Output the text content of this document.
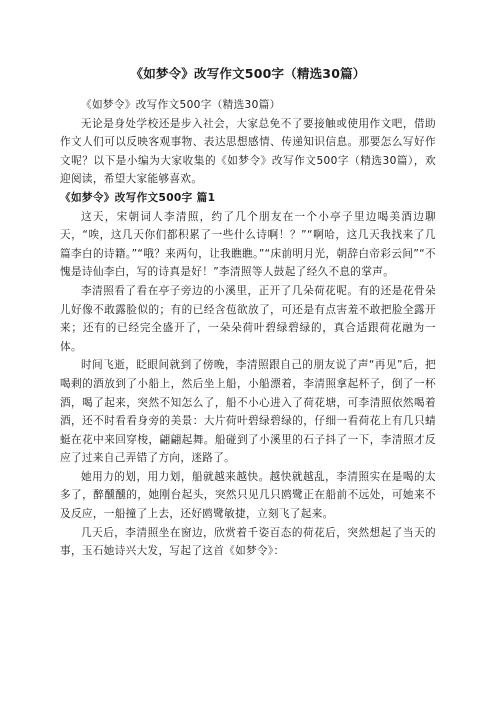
《如梦令》改写作文500字（精选30篇）

《如梦令》改写作文500字（精选30篇）

无论是身处学校还是步入社会，大家总免不了要接触或使用作文吧，借助作文人们可以反映客观事物、表达思想感情、传递知识信息。那要怎么写好作文呢？以下是小编为大家收集的《如梦令》改写作文500字（精选30篇），欢迎阅读，希望大家能够喜欢。

《如梦令》改写作文500字 篇1

这天，宋朝词人李清照，约了几个朋友在一个小亭子里边喝美酒边聊天，“唉，这几天你们都积累了一些什么诗啊！？”“啊哈，这几天我找来了几篇李白的诗籍。”“哦？来两句，让我瞧瞧。”“床前明月光，朝辞白帝彩云间”“不愧是诗仙李白，写的诗真是好！”李清照等人鼓起了经久不息的掌声。

李清照看了看在亭子旁边的小溪里，正开了几朵荷花呢。有的还是花骨朵儿好像不敢露脸似的；有的已经含苞欲放了，可还是有点害羞不敢把脸全露开来；还有的已经完全盛开了，一朵朵荷叶碧绿碧绿的，真合适跟荷花融为一体。

时间飞逝，眨眼间就到了傍晚，李清照跟自己的朋友说了声“再见”后，把喝剩的酒放到了小船上，然后坐上船，小船漂着，李清照拿起杯子，倒了一杯酒，喝了起来，突然不知怎么了，船不小心进入了荷花塘，可李清照依然喝着酒，还不时看看身旁的美景：大片荷叶碧绿碧绿的，仔细一看荷花上有几只蜻蜓在花中来回穿梭，翩翩起舞。船碰到了小溪里的石子抖了一下，李清照才反应了过来自己弄错了方向，迷路了。

她用力的划，用力划，船就越来越快。越快就越乱，李清照实在是喝的太多了，醉醺醺的，她刚台起头，突然只见几只鸥鹭正在船前不远处，可她来不及反应，一船撞了上去，还好鸥鹭敏捷，立刻飞了起来。

几天后，李清照坐在窗边，欣赏着千姿百态的荷花后，突然想起了当天的事，玉石她诗兴大发，写起了这首《如梦令》：
